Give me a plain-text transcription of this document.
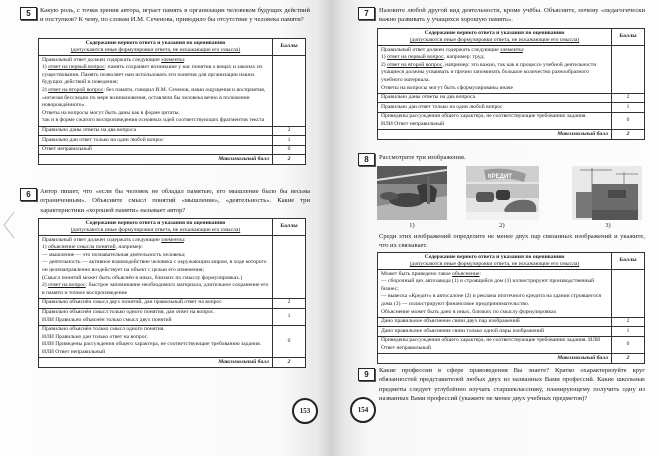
5	Какую роль, с точки зрения автора, играет память в организации человеком будущих действий и поступков? К чему, по словам И.М. Сеченова, приводило бы отсутствие у человека памяти?
Содержание верного ответа и указания по оцениванию
(допускаются иные формулировки ответа, не искажающие его смысла)	Баллы

Правильный ответ должен содержать следующие элементы:
1) ответ на первый вопрос: память сохраняет возникшие у нас понятия о вещах и законах их существования. Память позволяет нам использовать эти понятия для организации наших будущих действий и поведения;
2) ответ на второй вопрос: без памяти, говорил И.М. Сеченов, наши ощущения и восприятия, «исчезая бесследно по мере возникновения, оставляли бы человека вечно в положении новорождённого».
Ответы на вопросы могут быть даны как в форме цитаты,
так и в форме сжатого воспроизведения основных идей соответствующих фрагментов текста	

Правильно даны ответы на два вопроса	2

Правильно дан ответ только на один любой вопрос	1

Ответ неправильный	0
Максимальный балл	2
6	Автор пишет, что «если бы человек не обладал памятью, его мышление было бы весьма ограниченным». Объясните смысл понятий «мышление», «деятельность». Какие три характеристики «хорошей памяти» называет автор?
Содержание верного ответа и указания по оцениванию
(допускаются иные формулировки ответа, не искажающие его смысла)	Баллы

Правильный ответ должен содержать следующие элементы:
1) объяснение смысла понятий, например:
— мышление — это познавательная деятельность человека;
— деятельность — активное взаимодействие человека с окружающим миром, в ходе которого он целенаправленно воздействует на объект с целью его изменения;
(Смысл понятий может быть объяснён в иных, близких по смыслу формулировках.)
2) ответ на вопрос: быстрое запоминание необходимого материала, длительное сохранение его в памяти и точное воспроизведение

Правильно объяснён смысл двух понятий, дан правильный ответ на вопрос	2

Правильно объяснён смысл только одного понятия, дан ответ на вопрос.
ИЛИ Правильно объяснён только смысл двух понятий	1

Правильно объяснён только смысл одного понятия.
ИЛИ Правильно дан только ответ на вопрос.
ИЛИ Приведены рассуждения общего характера, не соответствующие требованию задания.
ИЛИ Ответ неправильный	0
Максимальный балл	2
153
7	Назовите любой другой вид деятельности, кроме учёбы. Объясните, почему «педагогически важно развивать у учащихся хорошую память».
Содержание верного ответа и указания по оцениванию
(допускаются иные формулировки ответа, не искажающие его смысла)	Баллы

Правильный ответ должен содержать следующие элементы:
1) ответ на первый вопрос, например: труд;
2) ответ на второй вопрос, например: это важно, так как в процессе учебной деятельности учащиеся должны усваивать и прочно запоминать большое количество разнообразного учебного материала.
Ответы на вопросы могут быть сформулированы иначе	

Правильно даны ответы на два вопроса	2

Правильно дан ответ только на один любой вопрос	1

Приведены рассуждения общего характера, не соответствующие требованию задания.
ИЛИ Ответ неправильный	0
Максимальный балл	2
8	Рассмотрите три изображения.
1)
КРЕДИТ
2)	3)
Среди этих изображений определите не менее двух пар связанных изображений и укажите, что их связывает.
Содержание верного ответа и указания по оцениванию
(допускаются иные формулировки ответа, не искажающие его смысла)	Баллы

Может быть приведено такое объяснение:
— сборочный цех автозавода (1) и строящийся дом (3) иллюстрируют производственный бизнес;
— вывеска «Кредит» в автосалоне (2) и реклама ипотечного кредита на здании строящегося дома (3) — иллюстрируют финансовое предпринимательство.
Объяснение может быть дано в иных, близких по смыслу формулировках	

Дано правильное объяснение связи двух пар изображений	2

Дано правильное объяснение связи только одной пары изображений	1

Приведены рассуждения общего характера, не соответствующие требованию задания. ИЛИ Ответ неправильный	0
Максимальный балл	2
9	Какие профессии в сфере правоведения Вы знаете? Кратко охарактеризуйте круг обязанностей представителей любых двух из названных Вами профессий. Какие школьные предметы следует углублённо изучать старшекласснику, планирующему получить одну из названных Вами профессий (укажите не менее двух учебных предметов)?
154
